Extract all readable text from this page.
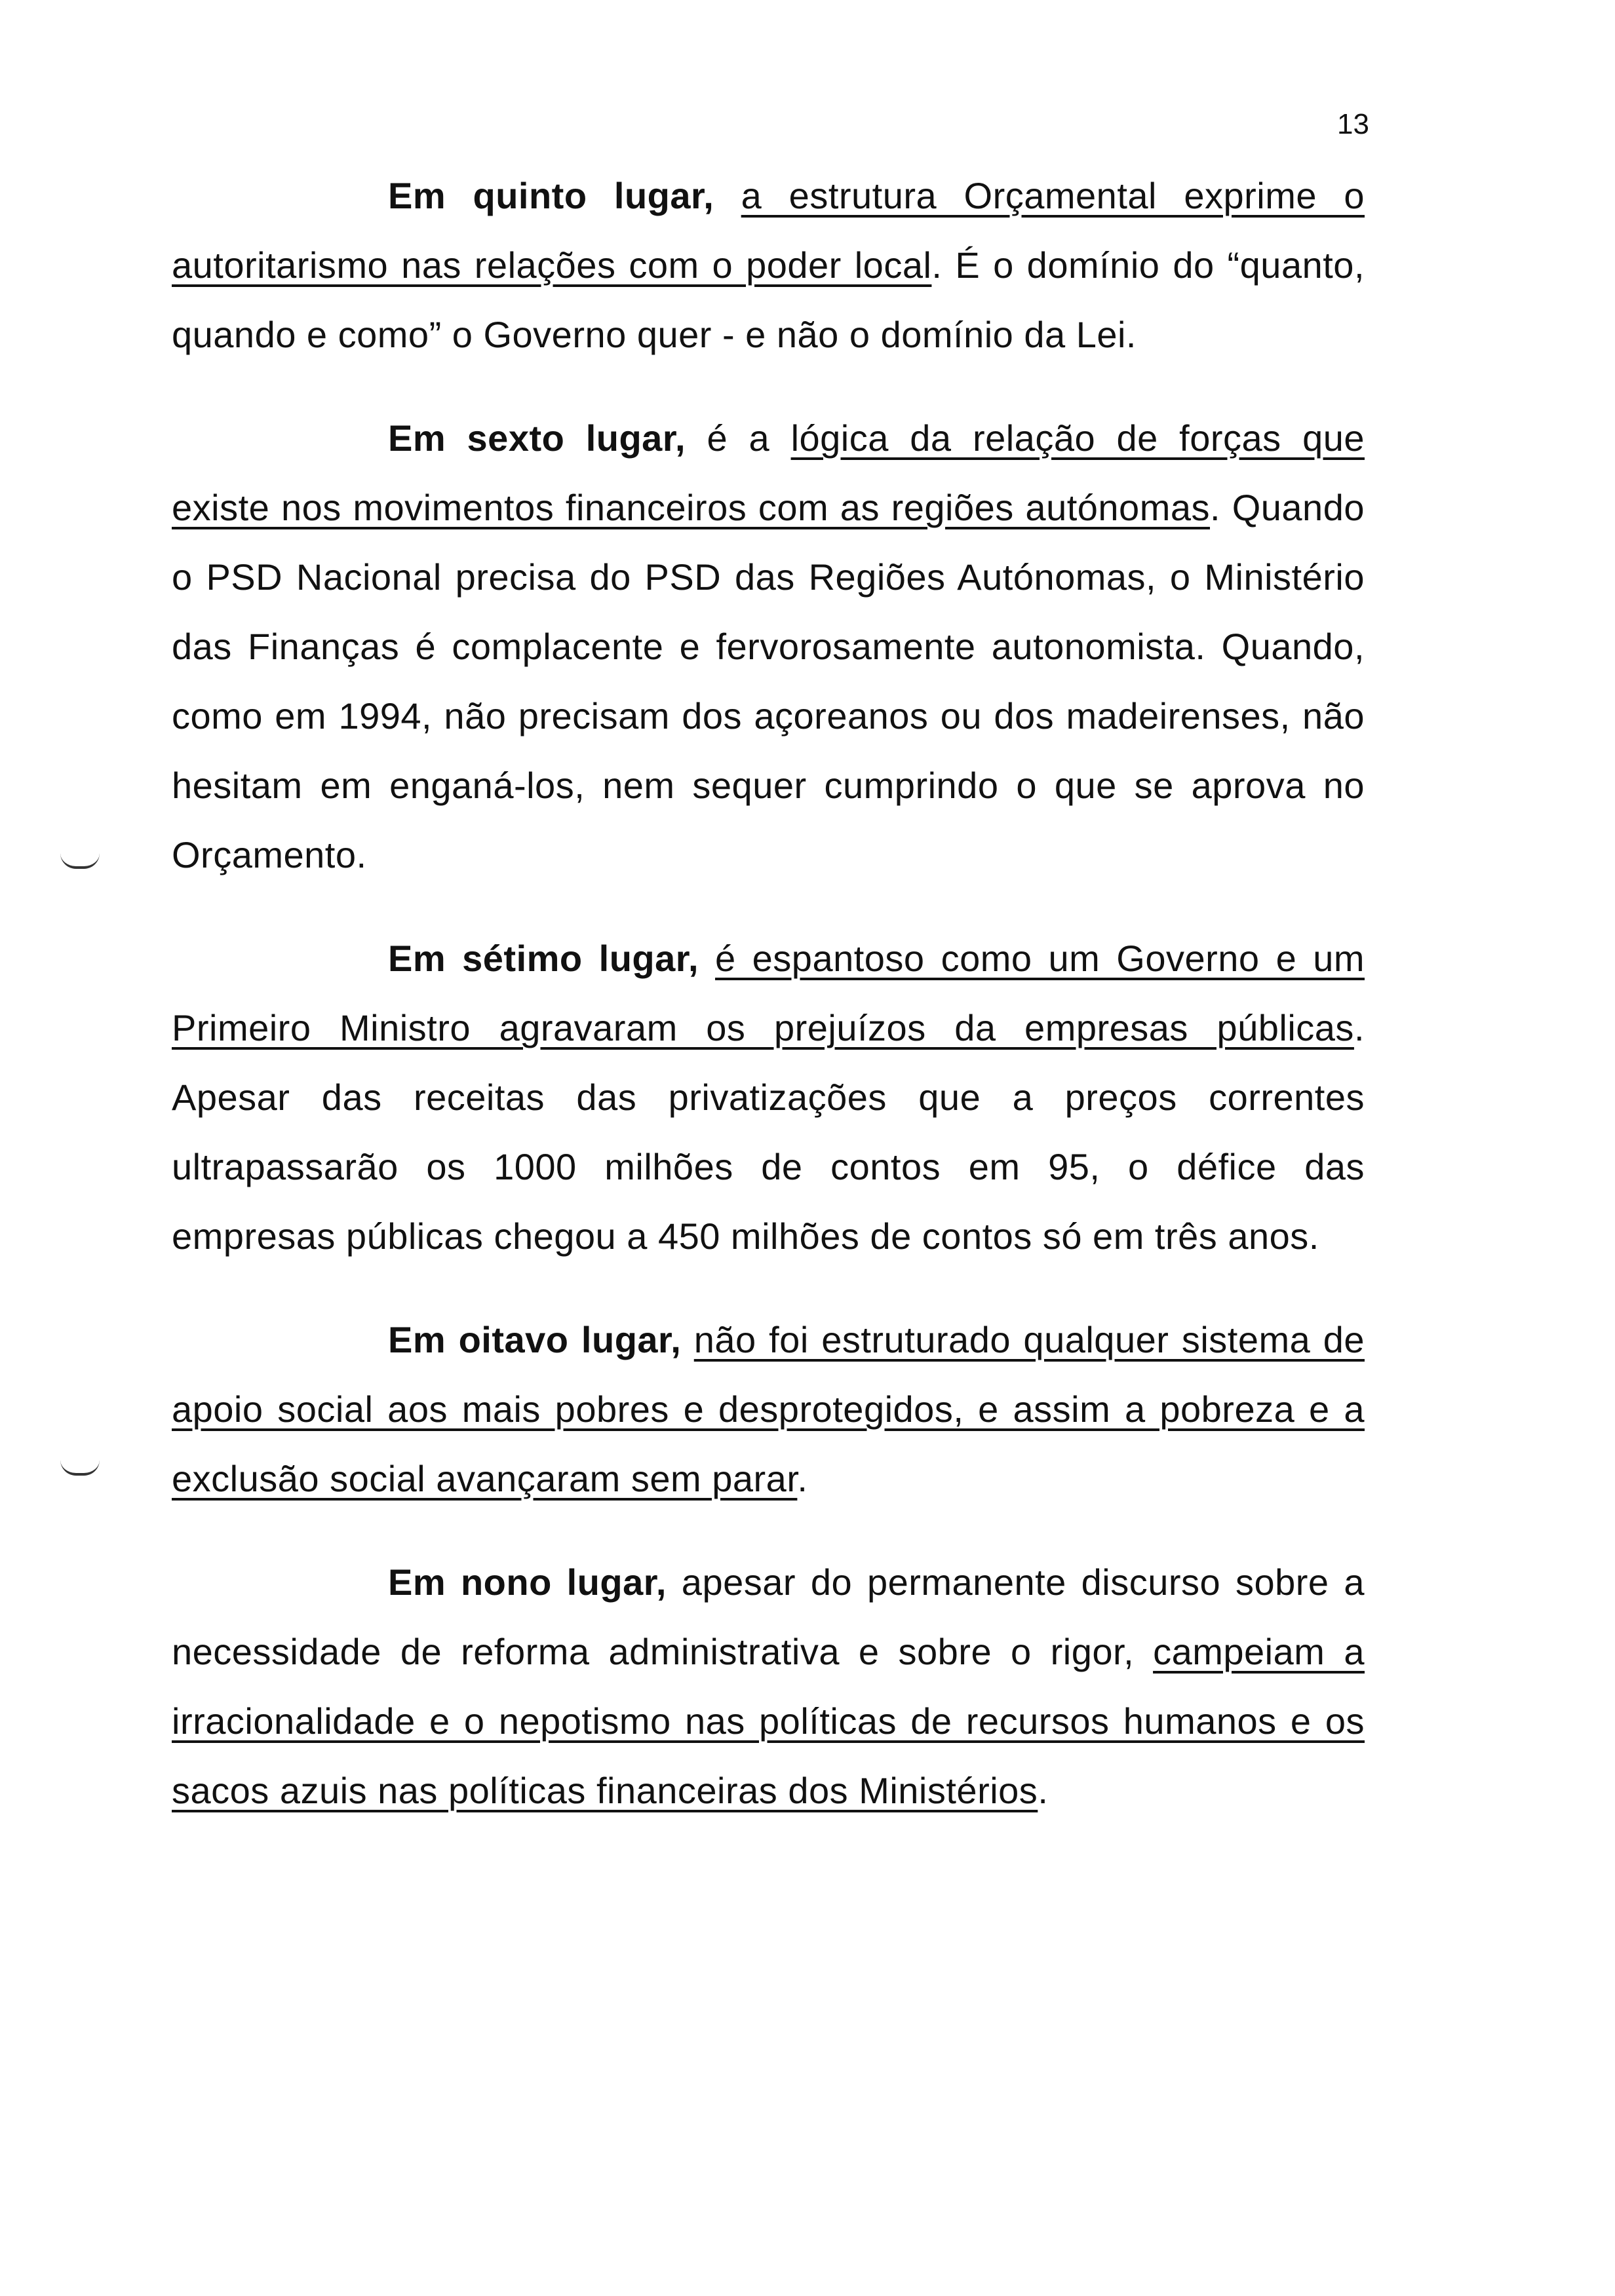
13

Em quinto lugar, a estrutura Orçamental exprime o autoritarismo nas relações com o poder local. É o domínio do “quanto, quando e como” o Governo quer - e não o domínio da Lei.

Em sexto lugar, é a lógica da relação de forças que existe nos movimentos financeiros com as regiões autónomas. Quando o PSD Nacional precisa do PSD das Regiões Autónomas, o Ministério das Finanças é complacente e fervorosamente autonomista. Quando, como em 1994, não precisam dos açoreanos ou dos madeirenses, não hesitam em enganá-los, nem sequer cumprindo o que se aprova no Orçamento.

Em sétimo lugar, é espantoso como um Governo e um Primeiro Ministro agravaram os prejuízos da empresas públicas. Apesar das receitas das privatizações que a preços correntes ultrapassarão os 1000 milhões de contos em 95, o défice das empresas públicas chegou a 450 milhões de contos só em três anos.

Em oitavo lugar, não foi estruturado qualquer sistema de apoio social aos mais pobres e desprotegidos, e assim a pobreza e a exclusão social avançaram sem parar.

Em nono lugar, apesar do permanente discurso sobre a necessidade de reforma administrativa e sobre o rigor, campeiam a irracionalidade e o nepotismo nas políticas de recursos humanos e os sacos azuis nas políticas financeiras dos Ministérios.
